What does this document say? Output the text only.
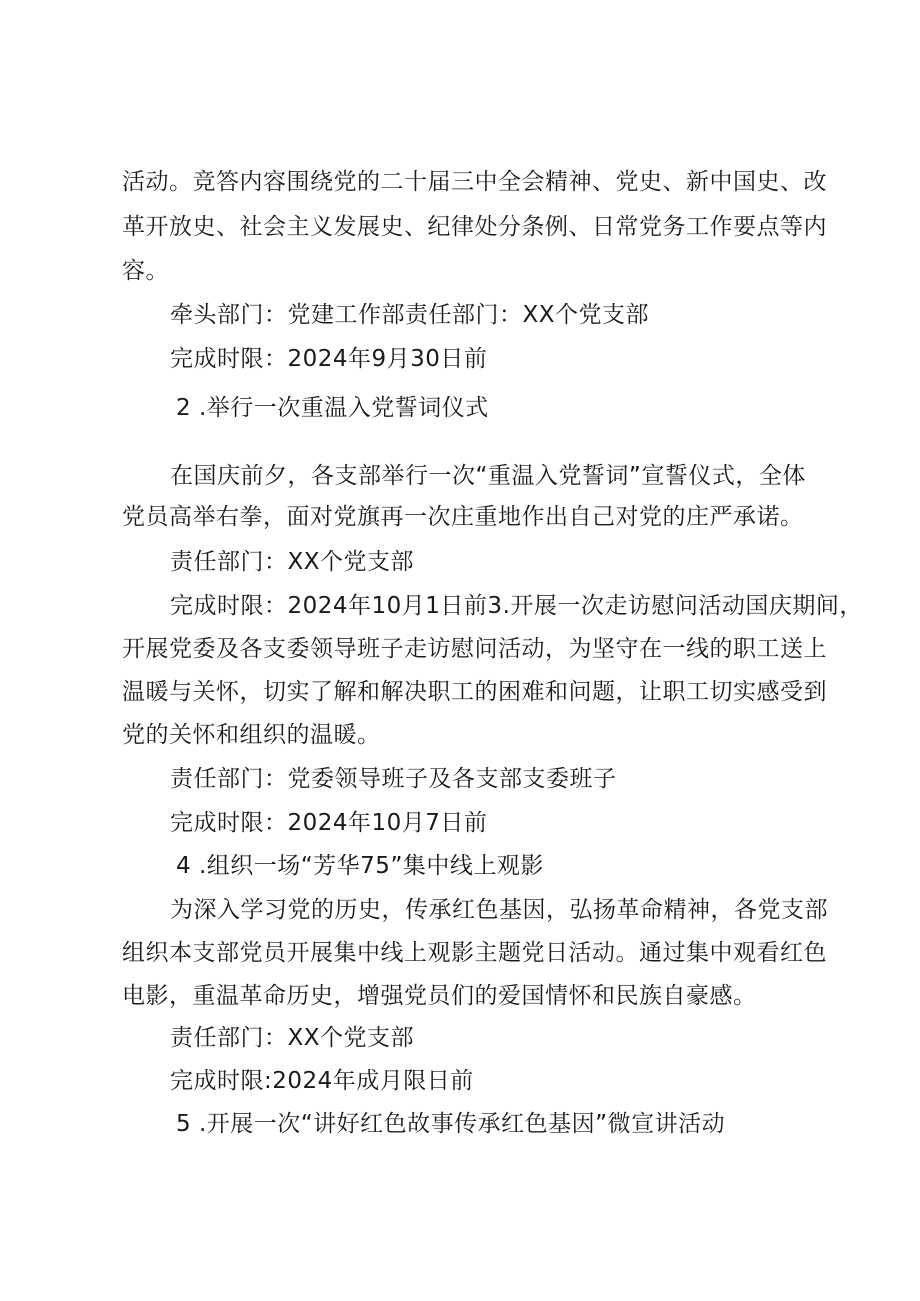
活动。竞答内容围绕党的二十届三中全会精神、党史、新中国史、改
革开放史、社会主义发展史、纪律处分条例、日常党务工作要点等内
容。
牵头部门：党建工作部责任部门：XX个党支部
完成时限：2024年9月30日前
2 .举行一次重温入党誓词仪式
在国庆前夕，各支部举行一次“重温入党誓词”宣誓仪式，全体
党员高举右拳，面对党旗再一次庄重地作出自己对党的庄严承诺。
责任部门：XX个党支部
完成时限：2024年10月1日前3.开展一次走访慰问活动国庆期间，
开展党委及各支委领导班子走访慰问活动，为坚守在一线的职工送上
温暖与关怀，切实了解和解决职工的困难和问题，让职工切实感受到
党的关怀和组织的温暖。
责任部门：党委领导班子及各支部支委班子
完成时限：2024年10月7日前
4 .组织一场“芳华75”集中线上观影
为深入学习党的历史，传承红色基因，弘扬革命精神，各党支部
组织本支部党员开展集中线上观影主题党日活动。通过集中观看红色
电影，重温革命历史，增强党员们的爱国情怀和民族自豪感。
责任部门：XX个党支部
完成时限:2024年成月限日前
5 .开展一次“讲好红色故事传承红色基因”微宣讲活动
